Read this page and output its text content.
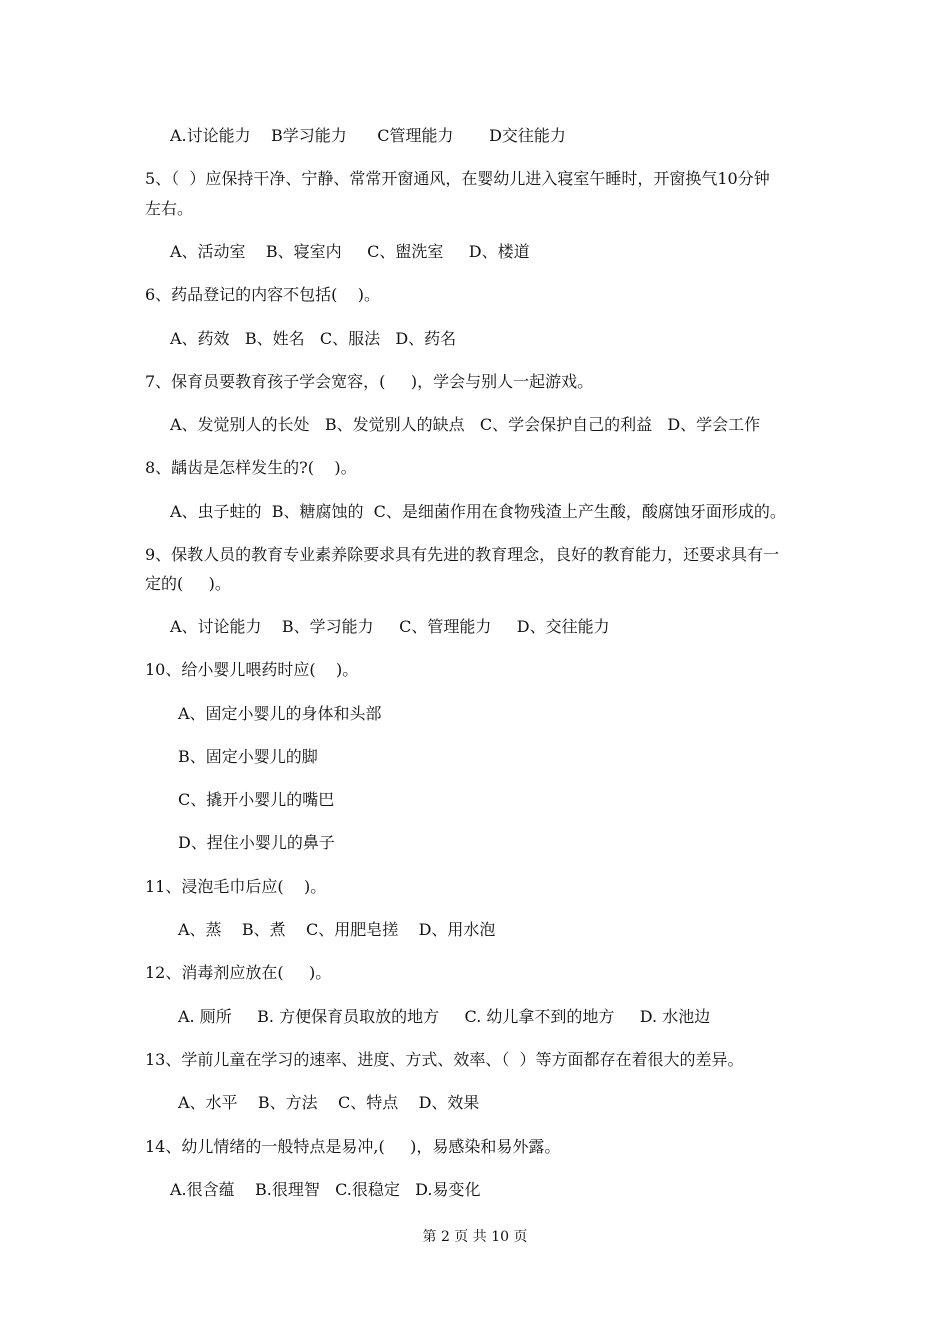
A.讨论能力    B学习能力      C管理能力       D交往能力
5、（  ）应保持干净、宁静、常常开窗通风，在婴幼儿进入寝室午睡时，开窗换气10分钟
左右。
A、活动室    B、寝室内     C、盥洗室     D、楼道
6、药品登记的内容不包括(    )。
A、药效   B、姓名   C、服法   D、药名
7、保育员要教育孩子学会宽容，(     )，学会与别人一起游戏。
A、发觉别人的长处   B、发觉别人的缺点   C、学会保护自己的利益   D、学会工作
8、龋齿是怎样发生的?(    )。
A、虫子蛀的  B、糖腐蚀的  C、是细菌作用在食物残渣上产生酸，酸腐蚀牙面形成的。
9、保教人员的教育专业素养除要求具有先进的教育理念，良好的教育能力，还要求具有一
定的(     )。
A、讨论能力    B、学习能力     C、管理能力     D、交往能力
10、给小婴儿喂药时应(    )。
A、固定小婴儿的身体和头部
B、固定小婴儿的脚
C、撬开小婴儿的嘴巴
D、捏住小婴儿的鼻子
11、浸泡毛巾后应(    )。
A、蒸    B、煮    C、用肥皂搓    D、用水泡
12、消毒剂应放在(     )。
A. 厕所     B. 方便保育员取放的地方     C. 幼儿拿不到的地方     D. 水池边
13、学前儿童在学习的速率、进度、方式、效率、（  ）等方面都存在着很大的差异。
A、水平    B、方法    C、特点    D、效果
14、幼儿情绪的一般特点是易冲,(     )，易感染和易外露。
A.很含蕴    B.很理智   C.很稳定   D.易变化
第 2 页 共 10 页
